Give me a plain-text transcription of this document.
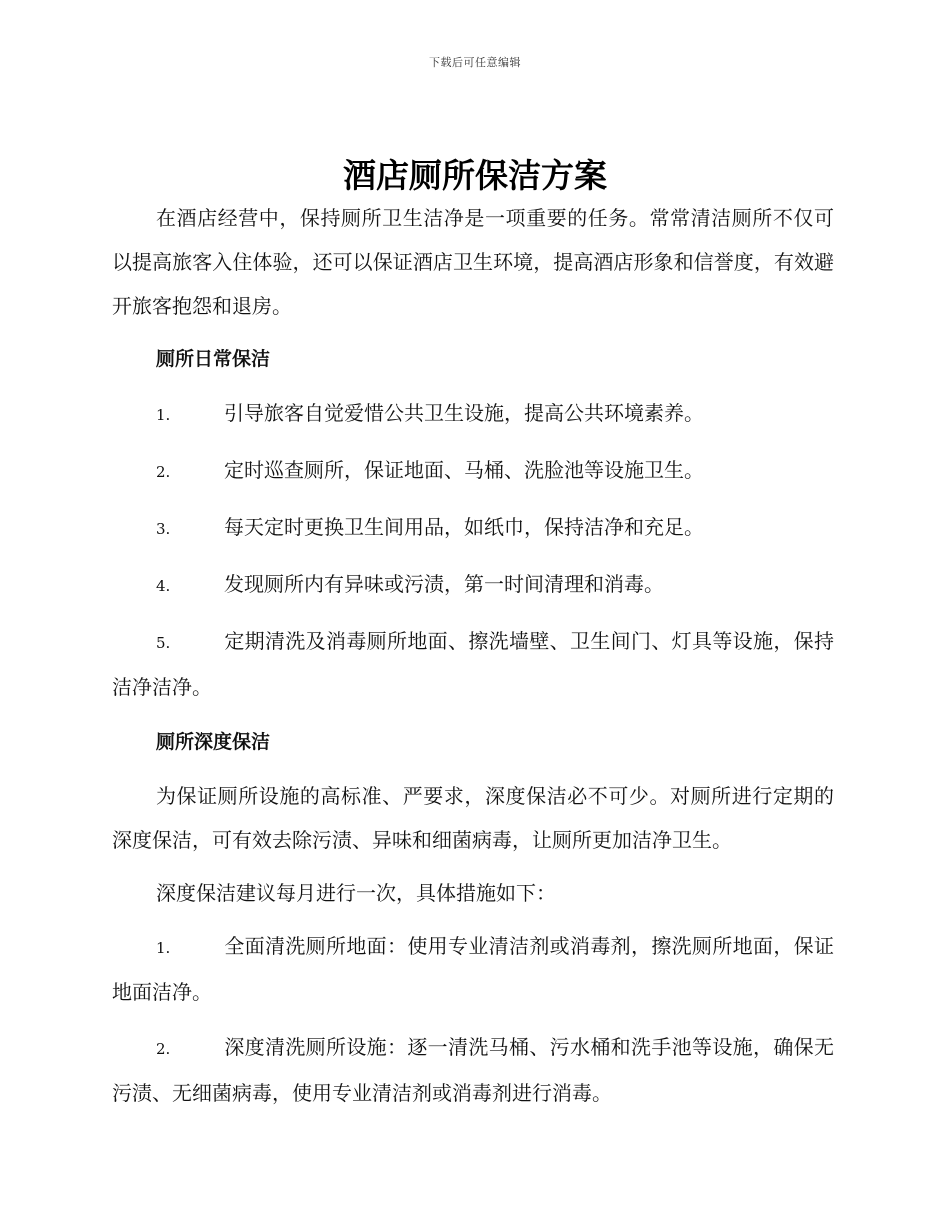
下载后可任意编辑
酒店厕所保洁方案

在酒店经营中，保持厕所卫生洁净是一项重要的任务。常常清洁厕所不仅可以提高旅客入住体验，还可以保证酒店卫生环境，提高酒店形象和信誉度，有效避开旅客抱怨和退房。

厕所日常保洁
1.	引导旅客自觉爱惜公共卫生设施，提高公共环境素养。
2.	定时巡查厕所，保证地面、马桶、洗脸池等设施卫生。
3.	每天定时更换卫生间用品，如纸巾，保持洁净和充足。
4.	发现厕所内有异味或污渍，第一时间清理和消毒。
5.	定期清洗及消毒厕所地面、擦洗墙壁、卫生间门、灯具等设施，保持洁净洁净。
厕所深度保洁

为保证厕所设施的高标准、严要求，深度保洁必不可少。对厕所进行定期的深度保洁，可有效去除污渍、异味和细菌病毒，让厕所更加洁净卫生。

深度保洁建议每月进行一次，具体措施如下：

1.	全面清洗厕所地面：使用专业清洁剂或消毒剂，擦洗厕所地面，保证地面洁净。
2.	深度清洗厕所设施：逐一清洗马桶、污水桶和洗手池等设施，确保无污渍、无细菌病毒，使用专业清洁剂或消毒剂进行消毒。
